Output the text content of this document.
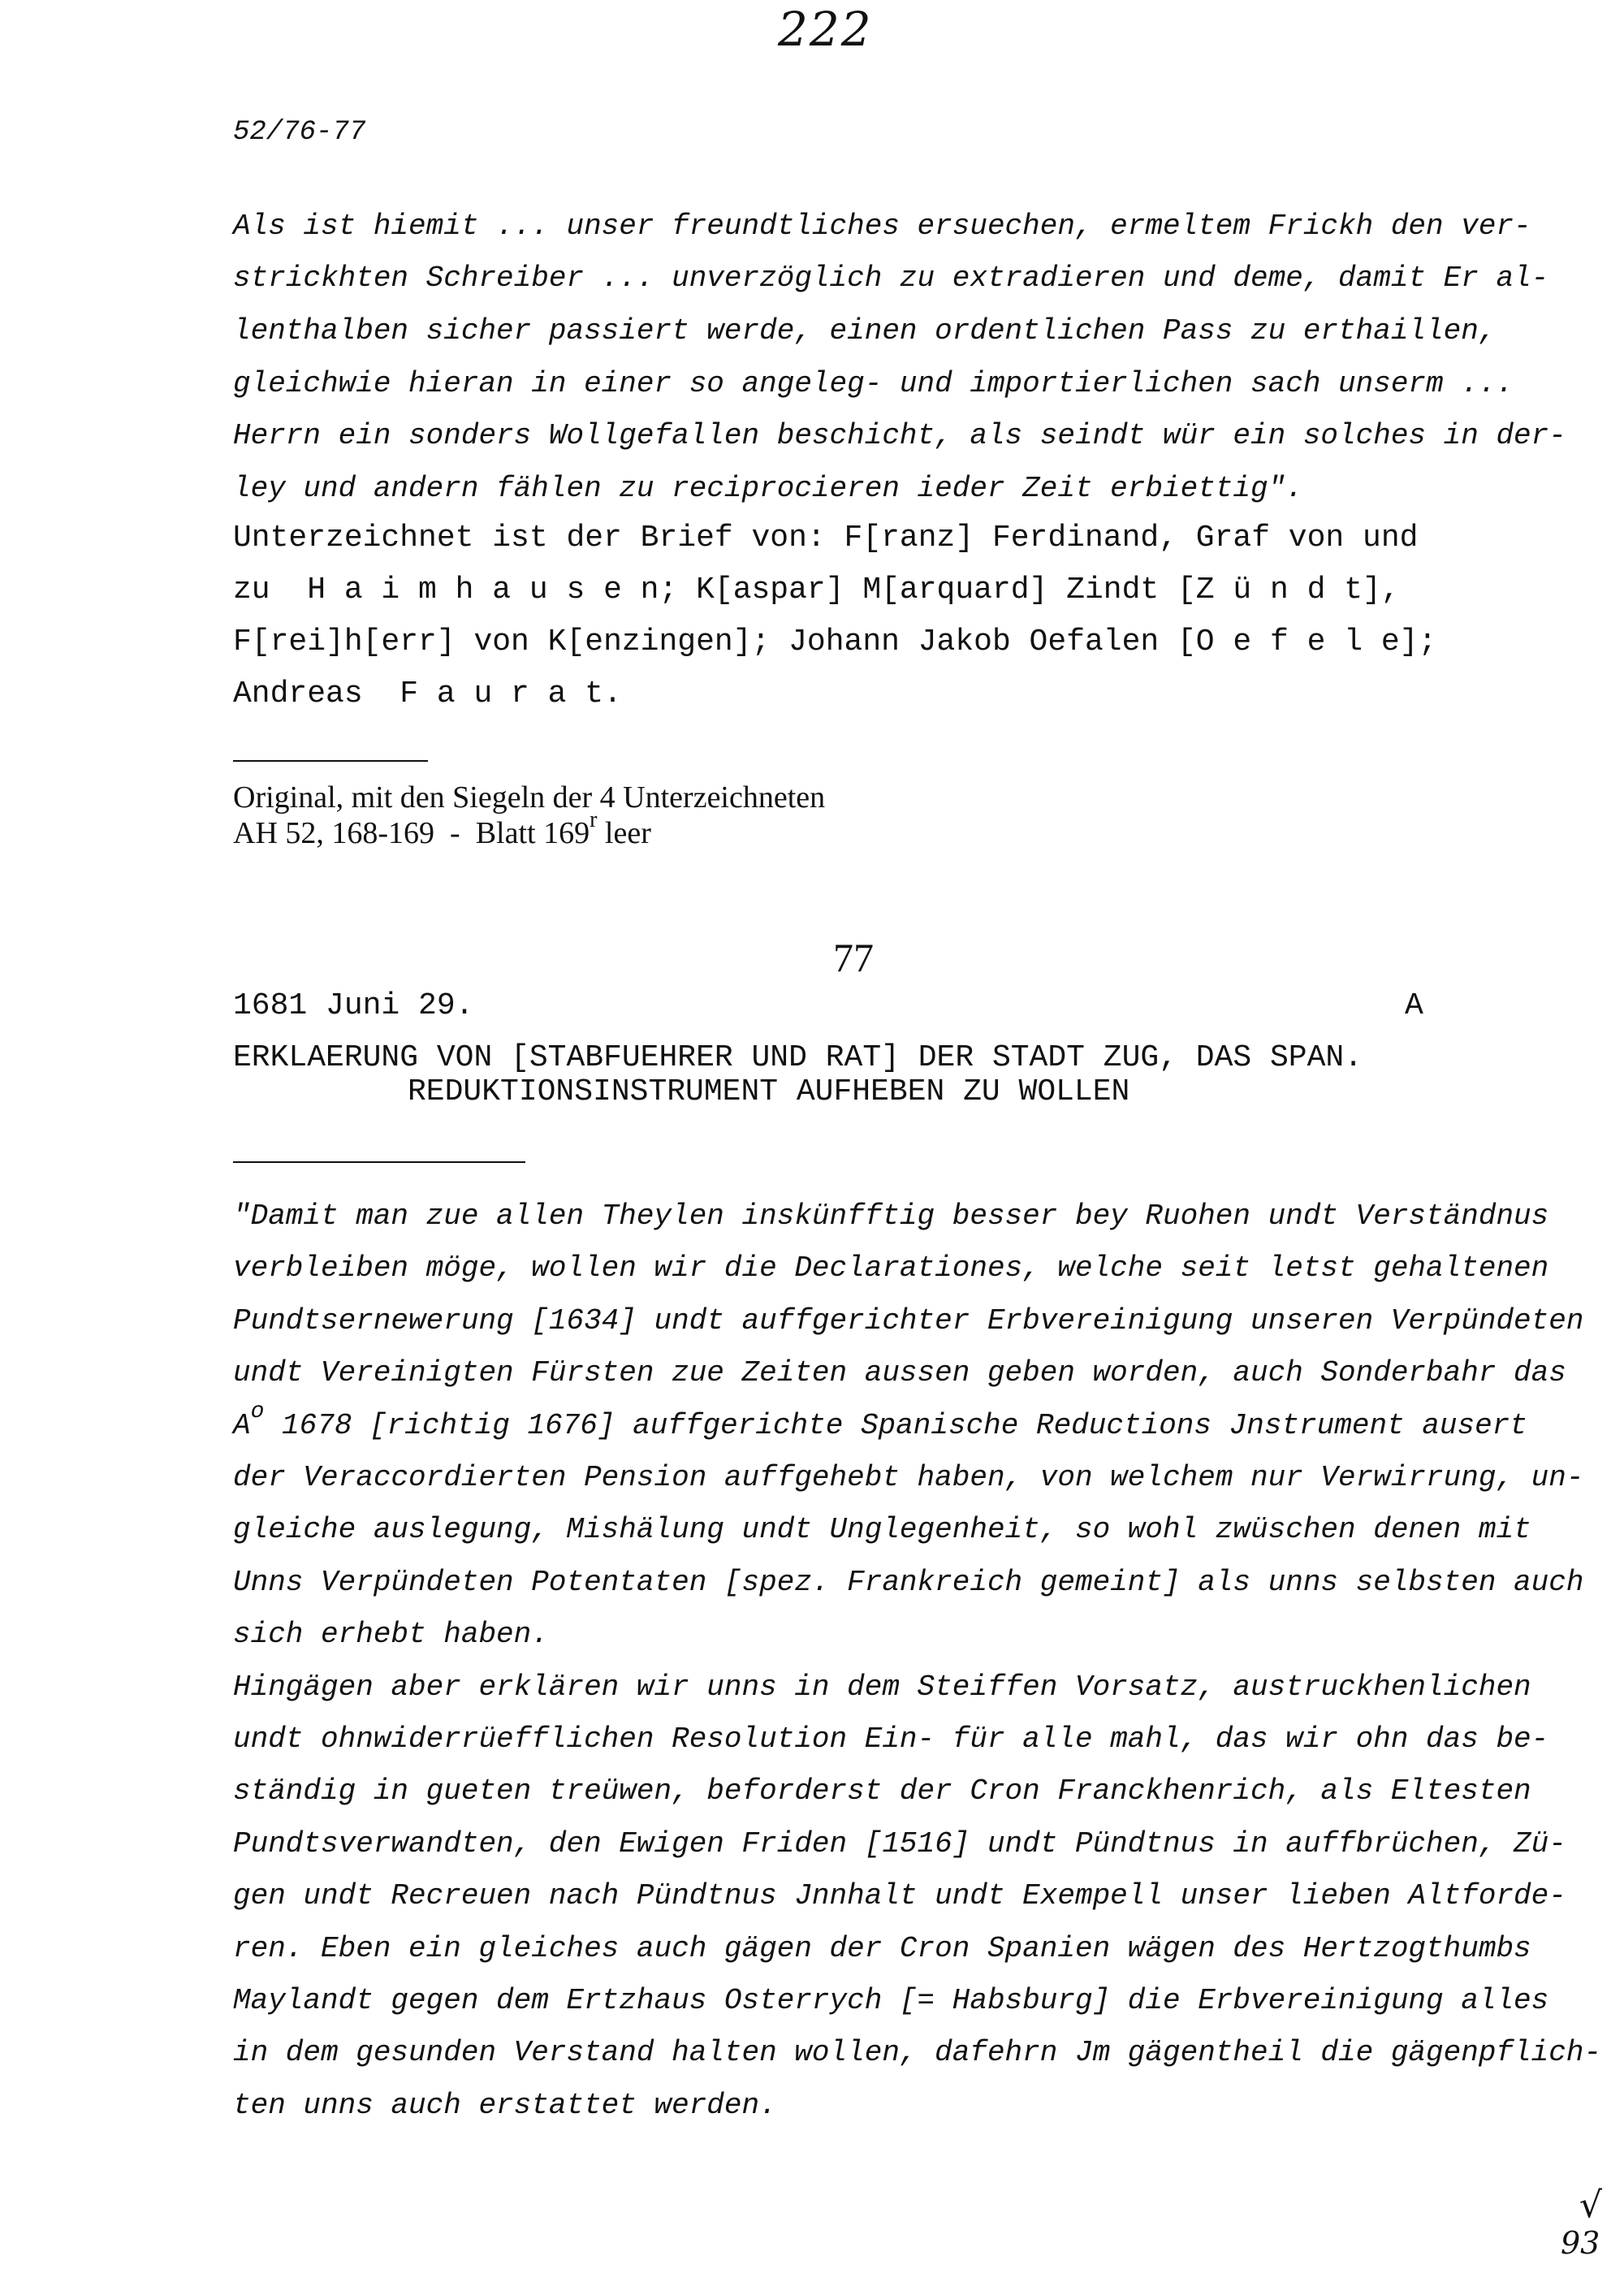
222
52/76-77
Als ist hiemit ... unser freundtliches ersuechen, ermeltem Frickh den ver-
strickhten Schreiber ... unverzöglich zu extradieren und deme, damit Er al-
lenthalben sicher passiert werde, einen ordentlichen Pass zu erthaillen,
gleichwie hieran in einer so angeleg- und importierlichen sach unserm ...
Herrn ein sonders Wollgefallen beschicht, als seindt wür ein solches in der-
ley und andern fählen zu reciprocieren ieder Zeit erbiettig".
Unterzeichnet ist der Brief von: F[ranz] Ferdinand, Graf von und
zu  H a i m h a u s e n; K[aspar] M[arquard] Zindt [Z ü n d t],
F[rei]h[err] von K[enzingen]; Johann Jakob Oefalen [O e f e l e];
Andreas  F a u r a t.
Original, mit den Siegeln der 4 Unterzeichneten
AH 52, 168-169  -  Blatt 169$^r$ leer
77
1681 Juni 29.	A
ERKLAERUNG VON [STABFUEHRER UND RAT] DER STADT ZUG, DAS SPAN.
REDUKTIONSINSTRUMENT AUFHEBEN ZU WOLLEN
"Damit man zue allen Theylen inskünfftig besser bey Ruohen undt Verständnus
verbleiben möge, wollen wir die Declarationes, welche seit letst gehaltenen
Pundtsernewerung [1634] undt auffgerichter Erbvereinigung unseren Verpündeten
undt Vereinigten Fürsten zue Zeiten aussen geben worden, auch Sonderbahr das
$A^o$ 1678 [richtig 1676] auffgerichte Spanische Reductions Jnstrument ausert
der Veraccordierten Pension auffgehebt haben, von welchem nur Verwirrung, un-
gleiche auslegung, Mishälung undt Unglegenheit, so wohl zwüschen denen mit
Unns Verpündeten Potentaten [spez. Frankreich gemeint] als unns selbsten auch
sich erhebt haben.
Hingägen aber erklären wir unns in dem Steiffen Vorsatz, austruckhenlichen
undt ohnwiderrüefflichen Resolution Ein- für alle mahl, das wir ohn das be-
ständig in gueten treüwen, beforderst der Cron Franckhenrich, als Eltesten
Pundtsverwandten, den Ewigen Friden [1516] undt Pündtnus in auffbrüchen, Zü-
gen undt Recreuen nach Pündtnus Jnnhalt undt Exempell unser lieben Altforde-
ren. Eben ein gleiches auch gägen der Cron Spanien wägen des Hertzogthumbs
Maylandt gegen dem Ertzhaus Osterrych [= Habsburg] die Erbvereinigung alles
in dem gesunden Verstand halten wollen, dafehrn Jm gägentheil die gägenpflich-
ten unns auch erstattet werden.
√
93
